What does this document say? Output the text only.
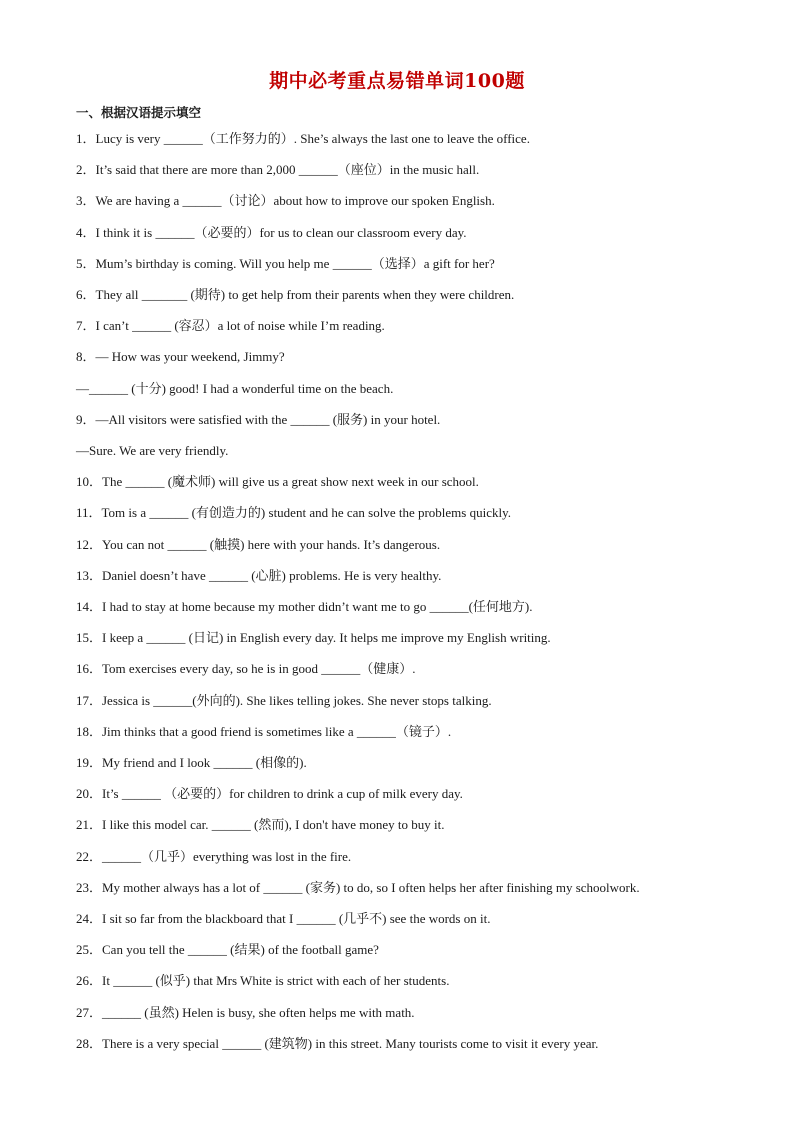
期中必考重点易错单词100题
一、根据汉语提示填空
1．Lucy is very ______（工作努力的）. She’s always the last one to leave the office.
2．It’s said that there are more than 2,000 ______（座位）in the music hall.
3．We are having a ______（讨论）about how to improve our spoken English.
4．I think it is ______（必要的）for us to clean our classroom every day.
5．Mum’s birthday is coming. Will you help me ______（选择）a gift for her?
6．They all _______ (期待) to get help from their parents when they were children.
7．I can’t ______ (容忍）a lot of noise while I’m reading.
8．— How was your weekend, Jimmy?
—______ (十分) good! I had a wonderful time on the beach.
9．—All visitors were satisfied with the ______ (服务) in your hotel.
—Sure. We are very friendly.
10．The ______ (魔术师) will give us a great show next week in our school.
11．Tom is a ______ (有创造力的) student and he can solve the problems quickly.
12．You can not ______ (触摸) here with your hands. It’s dangerous.
13．Daniel doesn’t have ______ (心脏) problems. He is very healthy.
14．I had to stay at home because my mother didn’t want me to go ______(任何地方).
15．I keep a ______ (日记) in English every day. It helps me improve my English writing.
16．Tom exercises every day, so he is in good ______（健康）.
17．Jessica is ______(外向的). She likes telling jokes. She never stops talking.
18．Jim thinks that a good friend is sometimes like a ______（镜子）.
19．My friend and I look ______ (相像的).
20．It’s ______ （必要的）for children to drink a cup of milk every day.
21．I like this model car. ______ (然而), I don't have money to buy it.
22．______（几乎）everything was lost in the fire.
23．My mother always has a lot of ______ (家务) to do, so I often helps her after finishing my schoolwork.
24．I sit so far from the blackboard that I ______ (几乎不) see the words on it.
25．Can you tell the ______ (结果) of the football game?
26．It ______ (似乎) that Mrs White is strict with each of her students.
27．______ (虽然) Helen is busy, she often helps me with math.
28．There is a very special ______ (建筑物) in this street. Many tourists come to visit it every year.
